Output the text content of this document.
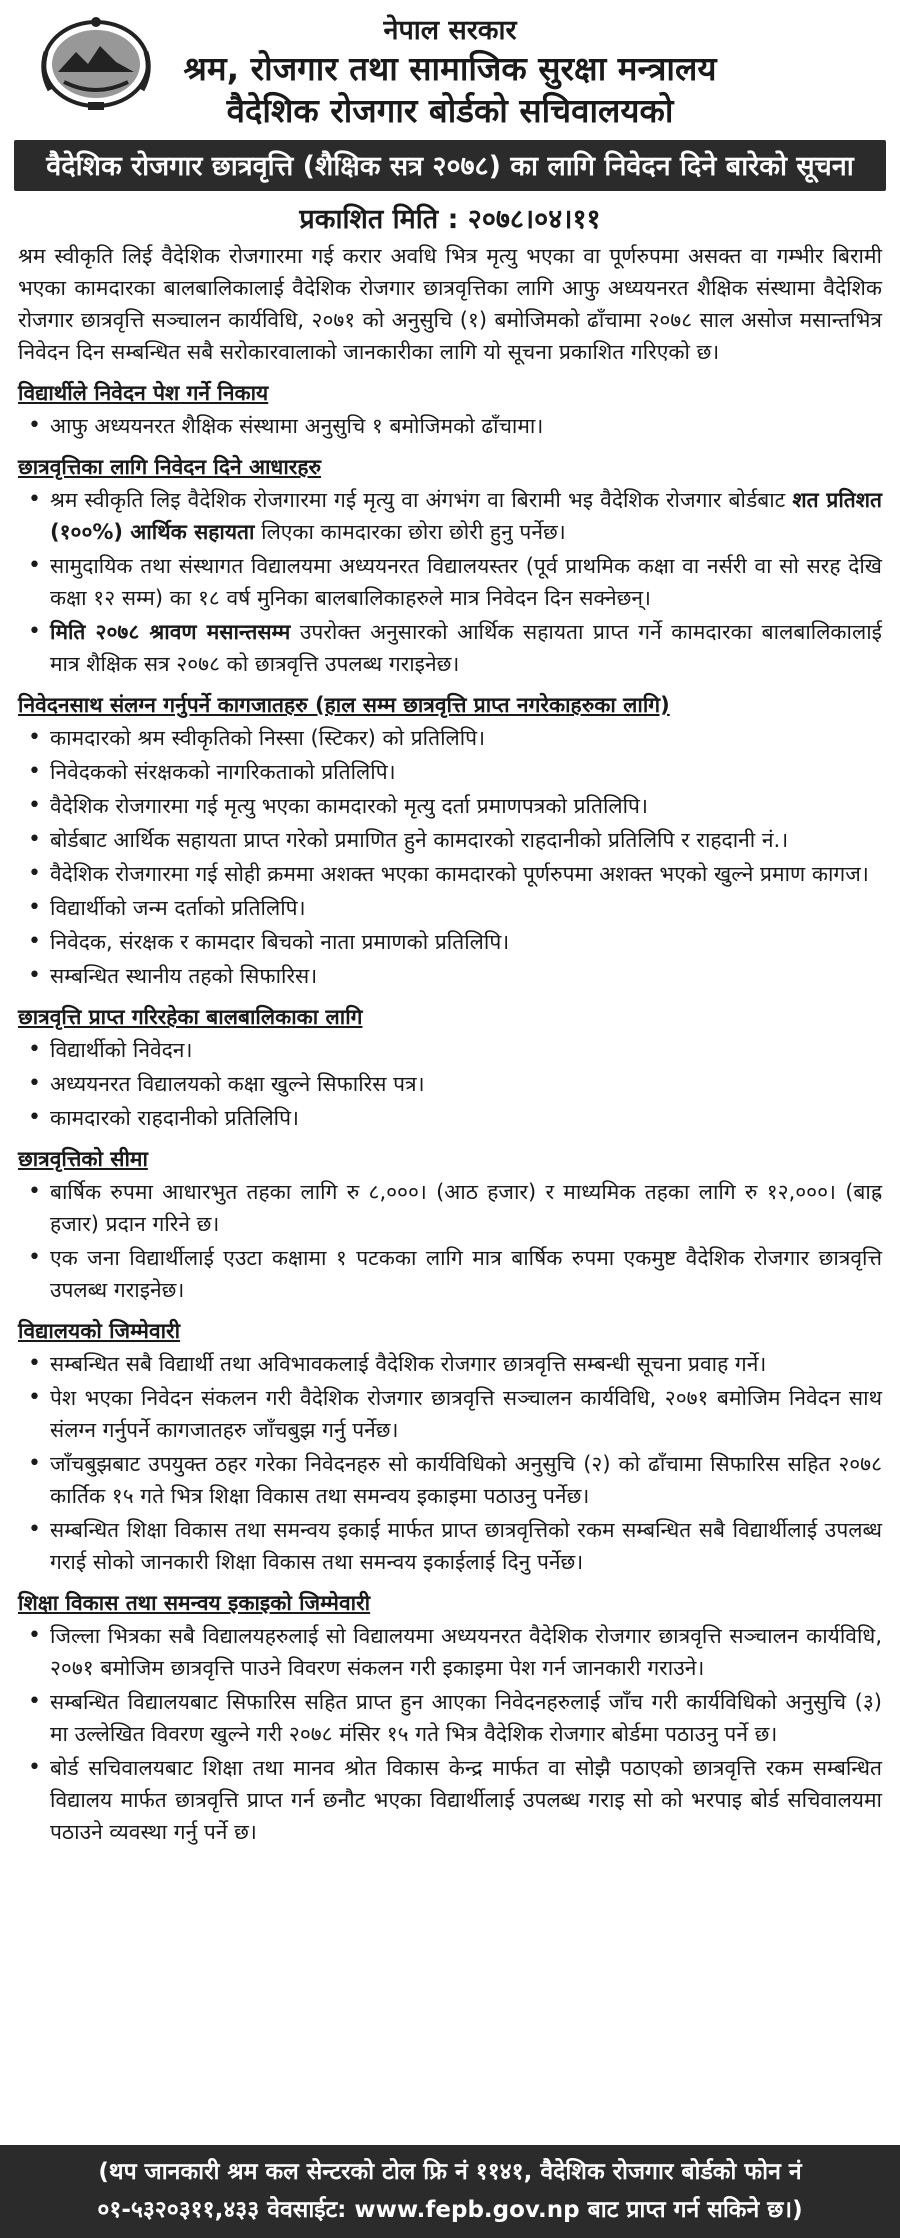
नेपाल सरकार
श्रम, रोजगार तथा सामाजिक सुरक्षा मन्त्रालय
वैदेशिक रोजगार बोर्डको सचिवालयको
वैदेशिक रोजगार छात्रवृत्ति (शैक्षिक सत्र २०७८) का लागि निवेदन दिने बारेको सूचना
प्रकाशित मिति : २०७८।०४।११

श्रम स्वीकृति लिई वैदेशिक रोजगारमा गई करार अवधि भित्र मृत्यु भएका वा पूर्णरुपमा असक्त वा गम्भीर बिरामी भएका कामदारका बालबालिकालाई वैदेशिक रोजगार छात्रवृत्तिका लागि आफु अध्ययनरत शैक्षिक संस्थामा वैदेशिक रोजगार छात्रवृत्ति सञ्चालन कार्यविधि, २०७१ को अनुसुचि (१) बमोजिमको ढाँचामा २०७८ साल असोज मसान्तभित्र निवेदन दिन सम्बन्धित सबै सरोकारवालाको जानकारीका लागि यो सूचना प्रकाशित गरिएको छ।

विद्यार्थीले निवेदन पेश गर्ने निकाय
• आफु अध्ययनरत शैक्षिक संस्थामा अनुसुचि १ बमोजिमको ढाँचामा।
छात्रवृत्तिका लागि निवेदन दिने आधारहरु
• श्रम स्वीकृति लिइ वैदेशिक रोजगारमा गई मृत्यु वा अंगभंग वा बिरामी भइ वैदेशिक रोजगार बोर्डबाट शत प्रतिशत (१००%) आर्थिक सहायता लिएका कामदारका छोरा छोरी हुनु पर्नेछ।
• सामुदायिक तथा संस्थागत विद्यालयमा अध्ययनरत विद्यालयस्तर (पूर्व प्राथमिक कक्षा वा नर्सरी वा सो सरह देखि कक्षा १२ सम्म) का १८ वर्ष मुनिका बालबालिकाहरुले मात्र निवेदन दिन सक्नेछन्।
• मिति २०७८ श्रावण मसान्तसम्म उपरोक्त अनुसारको आर्थिक सहायता प्राप्त गर्ने कामदारका बालबालिकालाई मात्र शैक्षिक सत्र २०७८ को छात्रवृत्ति उपलब्ध गराइनेछ।
निवेदनसाथ संलग्न गर्नुपर्ने कागजातहरु (हाल सम्म छात्रवृत्ति प्राप्त नगरेकाहरुका लागि)
• कामदारको श्रम स्वीकृतिको निस्सा (स्टिकर) को प्रतिलिपि।
• निवेदकको संरक्षकको नागरिकताको प्रतिलिपि।
• वैदेशिक रोजगारमा गई मृत्यु भएका कामदारको मृत्यु दर्ता प्रमाणपत्रको प्रतिलिपि।
• बोर्डबाट आर्थिक सहायता प्राप्त गरेको प्रमाणित हुने कामदारको राहदानीको प्रतिलिपि र राहदानी नं.।
• वैदेशिक रोजगारमा गई सोही क्रममा अशक्त भएका कामदारको पूर्णरुपमा अशक्त भएको खुल्ने प्रमाण कागज।
• विद्यार्थीको जन्म दर्ताको प्रतिलिपि।
• निवेदक, संरक्षक र कामदार बिचको नाता प्रमाणको प्रतिलिपि।
• सम्बन्धित स्थानीय तहको सिफारिस।
छात्रवृत्ति प्राप्त गरिरहेका बालबालिकाका लागि
• विद्यार्थीको निवेदन।
• अध्ययनरत विद्यालयको कक्षा खुल्ने सिफारिस पत्र।
• कामदारको राहदानीको प्रतिलिपि।
छात्रवृत्तिको सीमा
• बार्षिक रुपमा आधारभुत तहका लागि रु ८,०००। (आठ हजार) र माध्यमिक तहका लागि रु १२,०००। (बाह्र हजार) प्रदान गरिने छ।
• एक जना विद्यार्थीलाई एउटा कक्षामा १ पटकका लागि मात्र बार्षिक रुपमा एकमुष्ट वैदेशिक रोजगार छात्रवृत्ति उपलब्ध गराइनेछ।
विद्यालयको जिम्मेवारी
• सम्बन्धित सबै विद्यार्थी तथा अविभावकलाई वैदेशिक रोजगार छात्रवृत्ति सम्बन्धी सूचना प्रवाह गर्ने।
• पेश भएका निवेदन संकलन गरी वैदेशिक रोजगार छात्रवृत्ति सञ्चालन कार्यविधि, २०७१ बमोजिम निवेदन साथ संलग्न गर्नुपर्ने कागजातहरु जाँचबुझ गर्नु पर्नेछ।
• जाँचबुझबाट उपयुक्त ठहर गरेका निवेदनहरु सो कार्यविधिको अनुसुचि (२) को ढाँचामा सिफारिस सहित २०७८ कार्तिक १५ गते भित्र शिक्षा विकास तथा समन्वय इकाइमा पठाउनु पर्नेछ।
• सम्बन्धित शिक्षा विकास तथा समन्वय इकाई मार्फत प्राप्त छात्रवृत्तिको रकम सम्बन्धित सबै विद्यार्थीलाई उपलब्ध गराई सोको जानकारी शिक्षा विकास तथा समन्वय इकाईलाई दिनु पर्नेछ।
शिक्षा विकास तथा समन्वय इकाइको जिम्मेवारी
• जिल्ला भित्रका सबै विद्यालयहरुलाई सो विद्यालयमा अध्ययनरत वैदेशिक रोजगार छात्रवृत्ति सञ्चालन कार्यविधि, २०७१ बमोजिम छात्रवृत्ति पाउने विवरण संकलन गरी इकाइमा पेश गर्न जानकारी गराउने।
• सम्बन्धित विद्यालयबाट सिफारिस सहित प्राप्त हुन आएका निवेदनहरुलाई जाँच गरी कार्यविधिको अनुसुचि (३) मा उल्लेखित विवरण खुल्ने गरी २०७८ मंसिर १५ गते भित्र वैदेशिक रोजगार बोर्डमा पठाउनु पर्ने छ।
• बोर्ड सचिवालयबाट शिक्षा तथा मानव श्रोत विकास केन्द्र मार्फत वा सोझै पठाएको छात्रवृत्ति रकम सम्बन्धित विद्यालय मार्फत छात्रवृत्ति प्राप्त गर्न छनौट भएका विद्यार्थीलाई उपलब्ध गराइ सो को भरपाइ बोर्ड सचिवालयमा पठाउने व्यवस्था गर्नु पर्ने छ।
(थप जानकारी श्रम कल सेन्टरको टोल फ्रि नं ११४१, वैदेशिक रोजगार बोर्डको फोन नं
०१-५३२०३११,४३३ वेवसाईट: www.fepb.gov.np बाट प्राप्त गर्न सकिने छ।)
